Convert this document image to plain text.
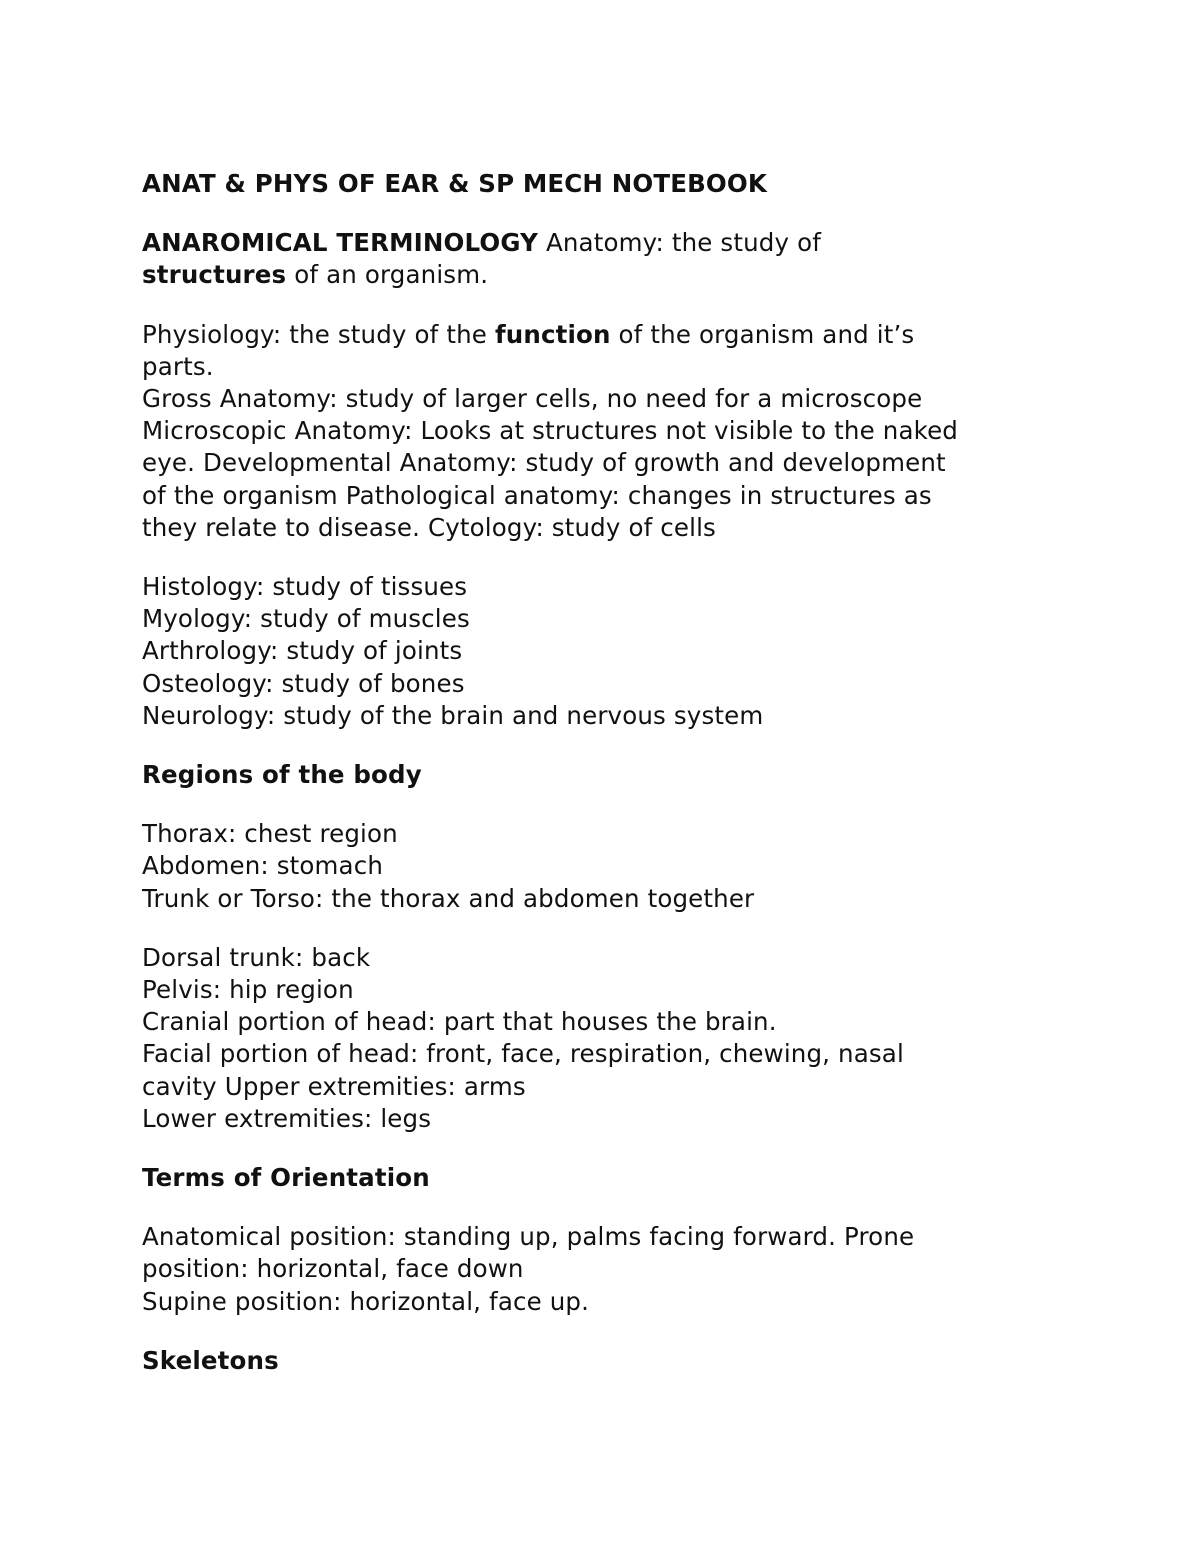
ANAT & PHYS OF EAR & SP MECH NOTEBOOK

ANAROMICAL TERMINOLOGY Anatomy: the study of

structures of an organism.

Physiology: the study of the function of the organism and it’s

parts.

Gross Anatomy: study of larger cells, no need for a microscope

Microscopic Anatomy: Looks at structures not visible to the naked

eye. Developmental Anatomy: study of growth and development

of the organism Pathological anatomy: changes in structures as

they relate to disease. Cytology: study of cells

Histology: study of tissues

Myology: study of muscles

Arthrology: study of joints

Osteology: study of bones

Neurology: study of the brain and nervous system

Regions of the body

Thorax: chest region

Abdomen: stomach

Trunk or Torso: the thorax and abdomen together

Dorsal trunk: back

Pelvis: hip region

Cranial portion of head: part that houses the brain.

Facial portion of head: front, face, respiration, chewing, nasal

cavity Upper extremities: arms

Lower extremities: legs

Terms of Orientation

Anatomical position: standing up, palms facing forward. Prone

position: horizontal, face down

Supine position: horizontal, face up.

Skeletons
